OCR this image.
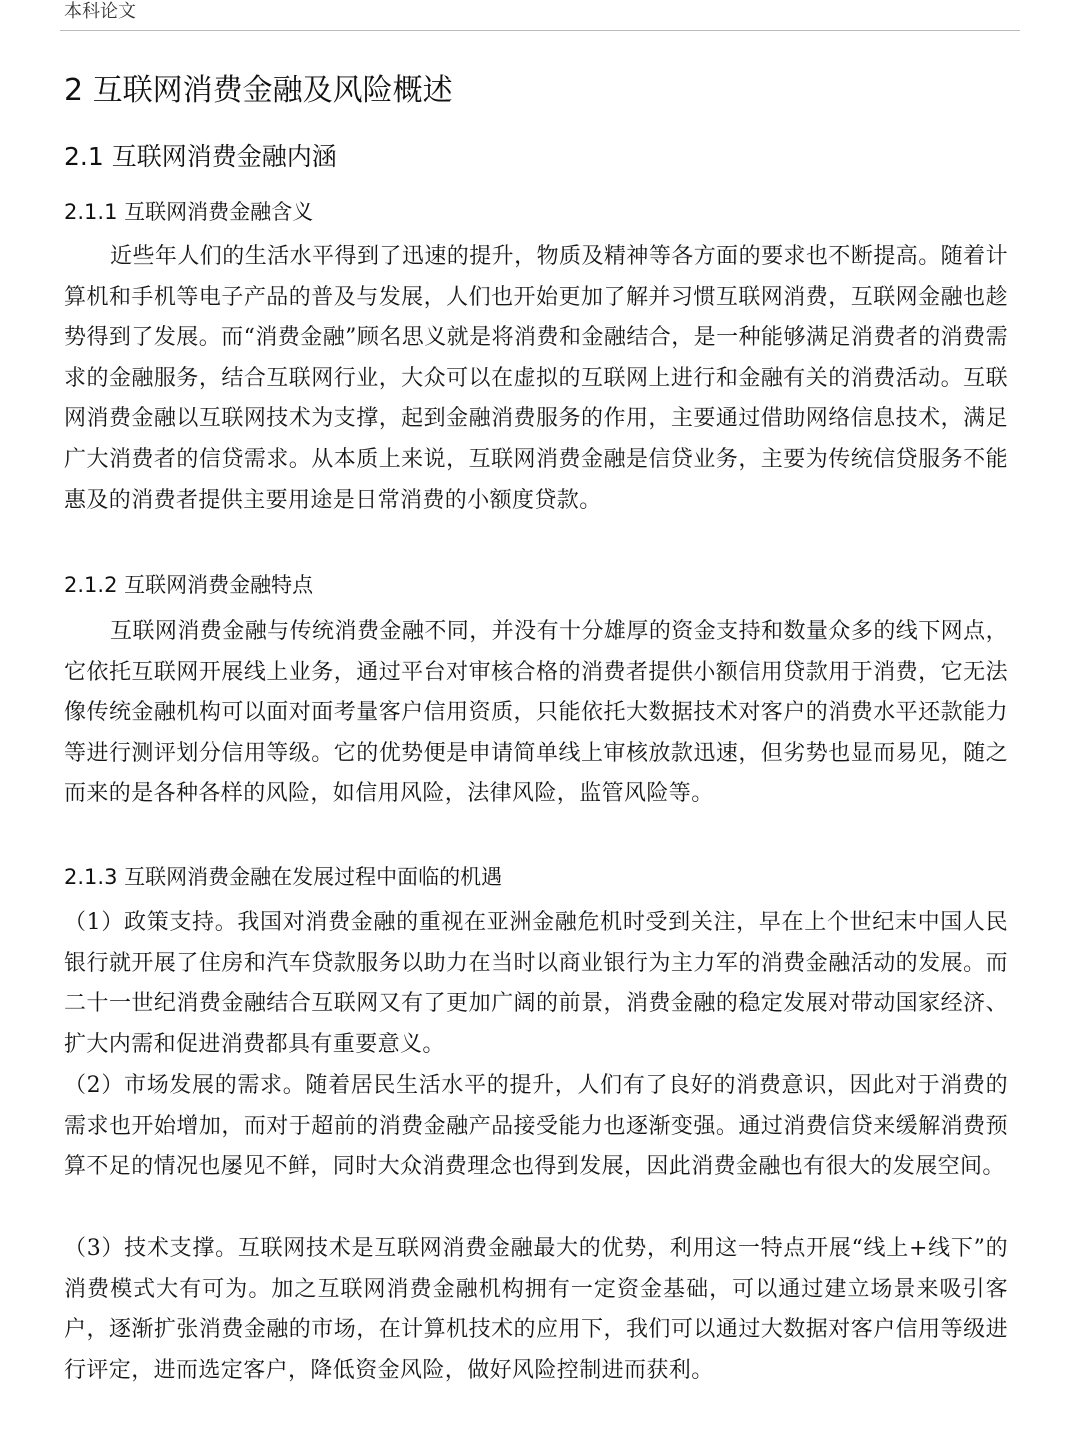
本科论文
2 互联网消费金融及风险概述
2.1 互联网消费金融内涵
2.1.1 互联网消费金融含义

近些年人们的生活水平得到了迅速的提升，物质及精神等各方面的要求也不断提高。随着计算机和手机等电子产品的普及与发展，人们也开始更加了解并习惯互联网消费，互联网金融也趁势得到了发展。而“消费金融”顾名思义就是将消费和金融结合，是一种能够满足消费者的消费需求的金融服务，结合互联网行业，大众可以在虚拟的互联网上进行和金融有关的消费活动。互联网消费金融以互联网技术为支撑，起到金融消费服务的作用，主要通过借助网络信息技术，满足广大消费者的信贷需求。从本质上来说，互联网消费金融是信贷业务，主要为传统信贷服务不能惠及的消费者提供主要用途是日常消费的小额度贷款。

2.1.2 互联网消费金融特点

互联网消费金融与传统消费金融不同，并没有十分雄厚的资金支持和数量众多的线下网点，它依托互联网开展线上业务，通过平台对审核合格的消费者提供小额信用贷款用于消费，它无法像传统金融机构可以面对面考量客户信用资质，只能依托大数据技术对客户的消费水平还款能力等进行测评划分信用等级。它的优势便是申请简单线上审核放款迅速，但劣势也显而易见，随之而来的是各种各样的风险，如信用风险，法律风险，监管风险等。

2.1.3 互联网消费金融在发展过程中面临的机遇

（1）政策支持。我国对消费金融的重视在亚洲金融危机时受到关注，早在上个世纪末中国人民银行就开展了住房和汽车贷款服务以助力在当时以商业银行为主力军的消费金融活动的发展。而二十一世纪消费金融结合互联网又有了更加广阔的前景，消费金融的稳定发展对带动国家经济、扩大内需和促进消费都具有重要意义。

（2）市场发展的需求。随着居民生活水平的提升，人们有了良好的消费意识，因此对于消费的需求也开始增加，而对于超前的消费金融产品接受能力也逐渐变强。通过消费信贷来缓解消费预算不足的情况也屡见不鲜，同时大众消费理念也得到发展，因此消费金融也有很大的发展空间。

（3）技术支撑。互联网技术是互联网消费金融最大的优势，利用这一特点开展“线上+线下”的消费模式大有可为。加之互联网消费金融机构拥有一定资金基础，可以通过建立场景来吸引客户，逐渐扩张消费金融的市场，在计算机技术的应用下，我们可以通过大数据对客户信用等级进行评定，进而选定客户，降低资金风险，做好风险控制进而获利。
